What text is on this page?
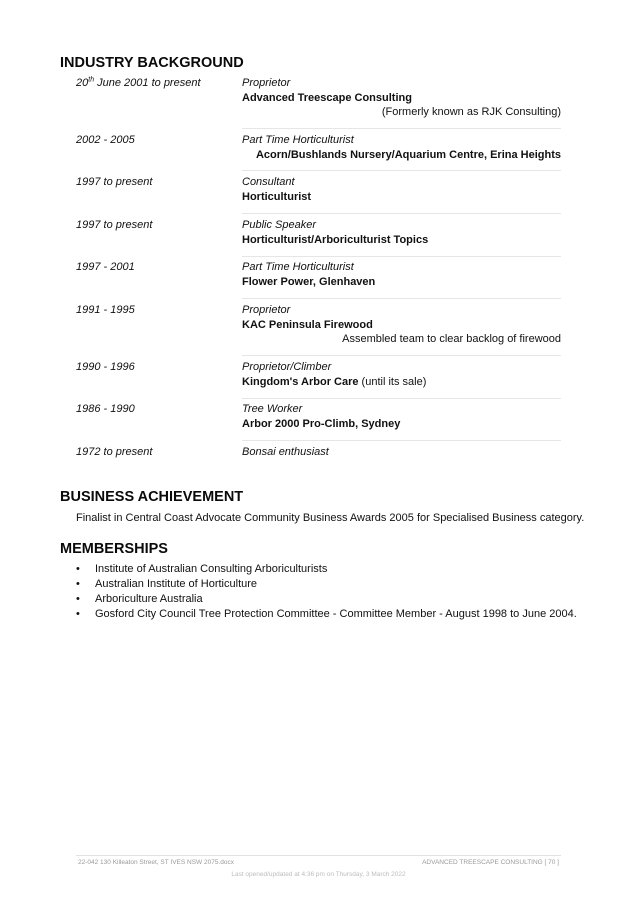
INDUSTRY BACKGROUND
20th June 2001 to present	Proprietor
Advanced Treescape Consulting
(Formerly known as RJK Consulting)
2002 - 2005	Part Time Horticulturist
Acorn/Bushlands Nursery/Aquarium Centre, Erina Heights
1997 to present	Consultant
Horticulturist
1997 to present	Public Speaker
Horticulturist/Arboriculturist Topics
1997 - 2001	Part Time Horticulturist
Flower Power, Glenhaven
1991 - 1995	Proprietor
KAC Peninsula Firewood
Assembled team to clear backlog of firewood
1990 - 1996	Proprietor/Climber
Kingdom's Arbor Care (until its sale)
1986 - 1990	Tree Worker
Arbor 2000 Pro-Climb, Sydney
1972 to present	Bonsai enthusiast
BUSINESS ACHIEVEMENT
Finalist in Central Coast Advocate Community Business Awards 2005 for Specialised Business category.
MEMBERSHIPS
• Institute of Australian Consulting Arboriculturists
• Australian Institute of Horticulture
• Arboriculture Australia
• Gosford City Council Tree Protection Committee - Committee Member - August 1998 to June 2004.
22-042 130 Killeaton Street, ST IVES NSW 2075.docx	ADVANCED TREESCAPE CONSULTING [ 70 ]
Last opened/updated at 4:36 pm on Thursday, 3 March 2022
